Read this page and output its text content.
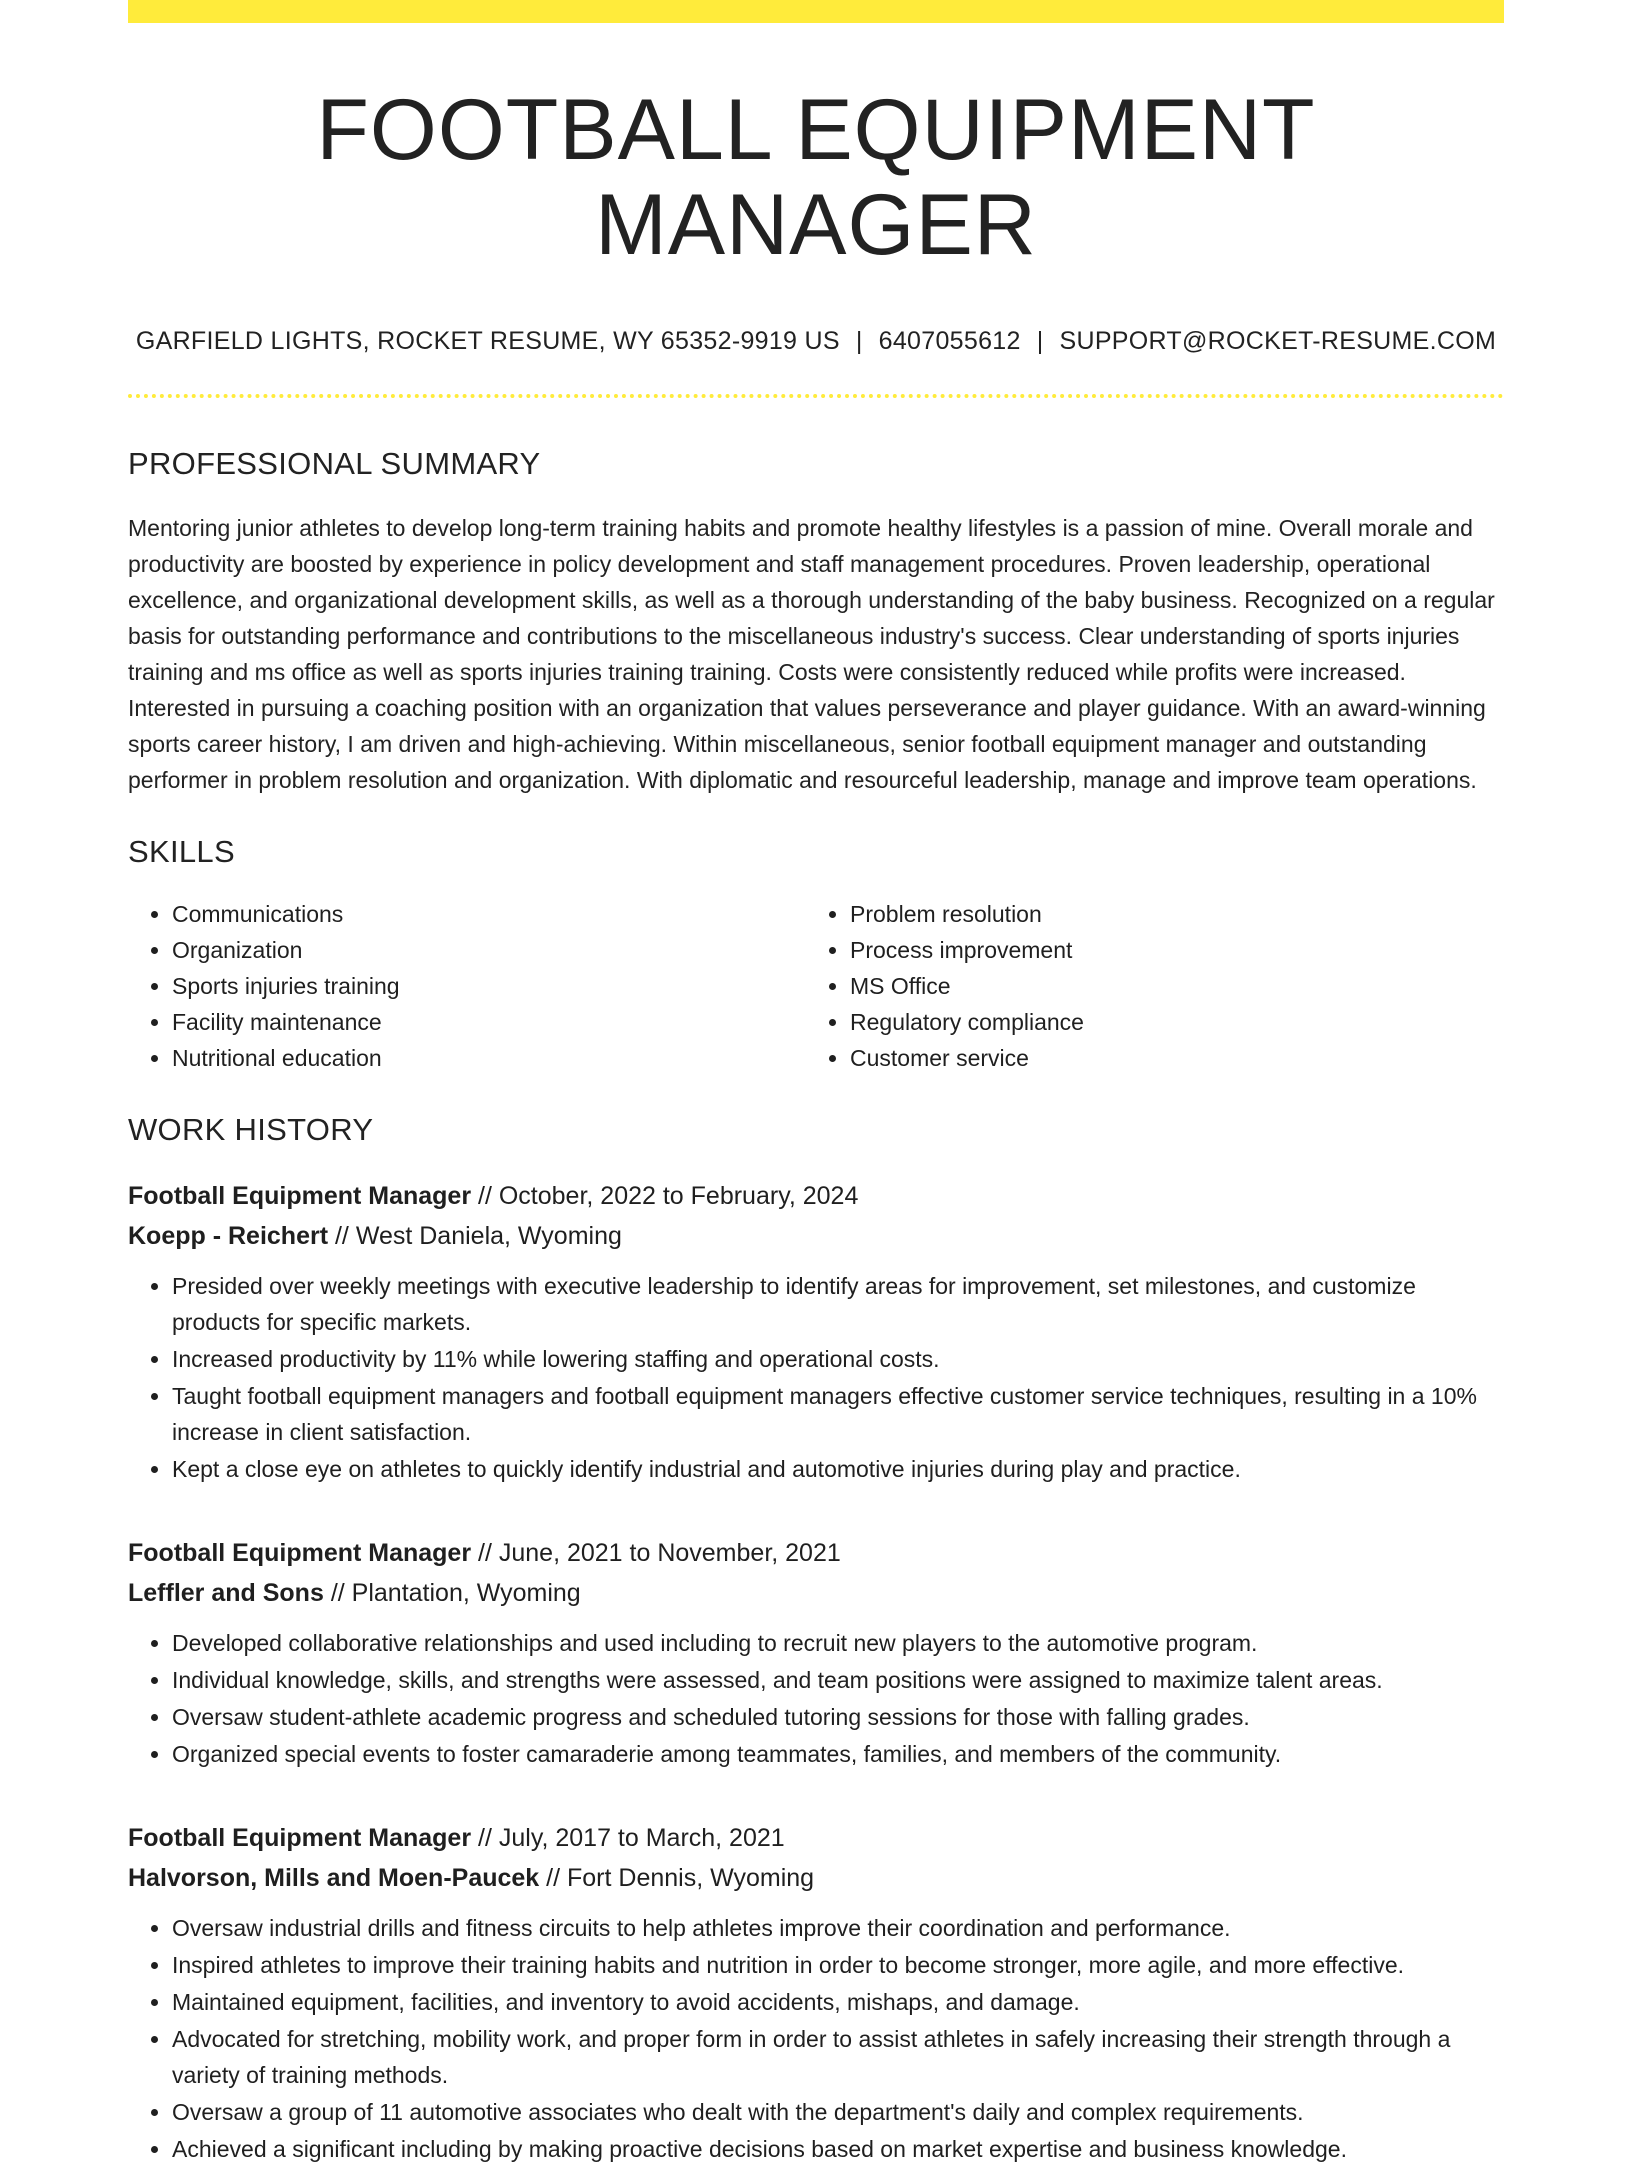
FOOTBALL EQUIPMENT MANAGER
GARFIELD LIGHTS, ROCKET RESUME, WY 65352-9919 US | 6407055612 | SUPPORT@ROCKET-RESUME.COM
PROFESSIONAL SUMMARY

Mentoring junior athletes to develop long-term training habits and promote healthy lifestyles is a passion of mine. Overall morale and productivity are boosted by experience in policy development and staff management procedures. Proven leadership, operational excellence, and organizational development skills, as well as a thorough understanding of the baby business. Recognized on a regular basis for outstanding performance and contributions to the miscellaneous industry's success. Clear understanding of sports injuries training and ms office as well as sports injuries training training. Costs were consistently reduced while profits were increased. Interested in pursuing a coaching position with an organization that values perseverance and player guidance. With an award-winning sports career history, I am driven and high-achieving. Within miscellaneous, senior football equipment manager and outstanding performer in problem resolution and organization. With diplomatic and resourceful leadership, manage and improve team operations.

SKILLS
• Communications
• Organization
• Sports injuries training
• Facility maintenance
• Nutritional education
• Problem resolution
• Process improvement
• MS Office
• Regulatory compliance
• Customer service
WORK HISTORY
Football Equipment Manager // October, 2022 to February, 2024
Koepp - Reichert // West Daniela, Wyoming
• Presided over weekly meetings with executive leadership to identify areas for improvement, set milestones, and customize products for specific markets.
• Increased productivity by 11% while lowering staffing and operational costs.
• Taught football equipment managers and football equipment managers effective customer service techniques, resulting in a 10% increase in client satisfaction.
• Kept a close eye on athletes to quickly identify industrial and automotive injuries during play and practice.
Football Equipment Manager // June, 2021 to November, 2021
Leffler and Sons // Plantation, Wyoming
• Developed collaborative relationships and used including to recruit new players to the automotive program.
• Individual knowledge, skills, and strengths were assessed, and team positions were assigned to maximize talent areas.
• Oversaw student-athlete academic progress and scheduled tutoring sessions for those with falling grades.
• Organized special events to foster camaraderie among teammates, families, and members of the community.
Football Equipment Manager // July, 2017 to March, 2021
Halvorson, Mills and Moen-Paucek // Fort Dennis, Wyoming
• Oversaw industrial drills and fitness circuits to help athletes improve their coordination and performance.
• Inspired athletes to improve their training habits and nutrition in order to become stronger, more agile, and more effective.
• Maintained equipment, facilities, and inventory to avoid accidents, mishaps, and damage.
• Advocated for stretching, mobility work, and proper form in order to assist athletes in safely increasing their strength through a variety of training methods.
• Oversaw a group of 11 automotive associates who dealt with the department's daily and complex requirements.
• Achieved a significant including by making proactive decisions based on market expertise and business knowledge.
